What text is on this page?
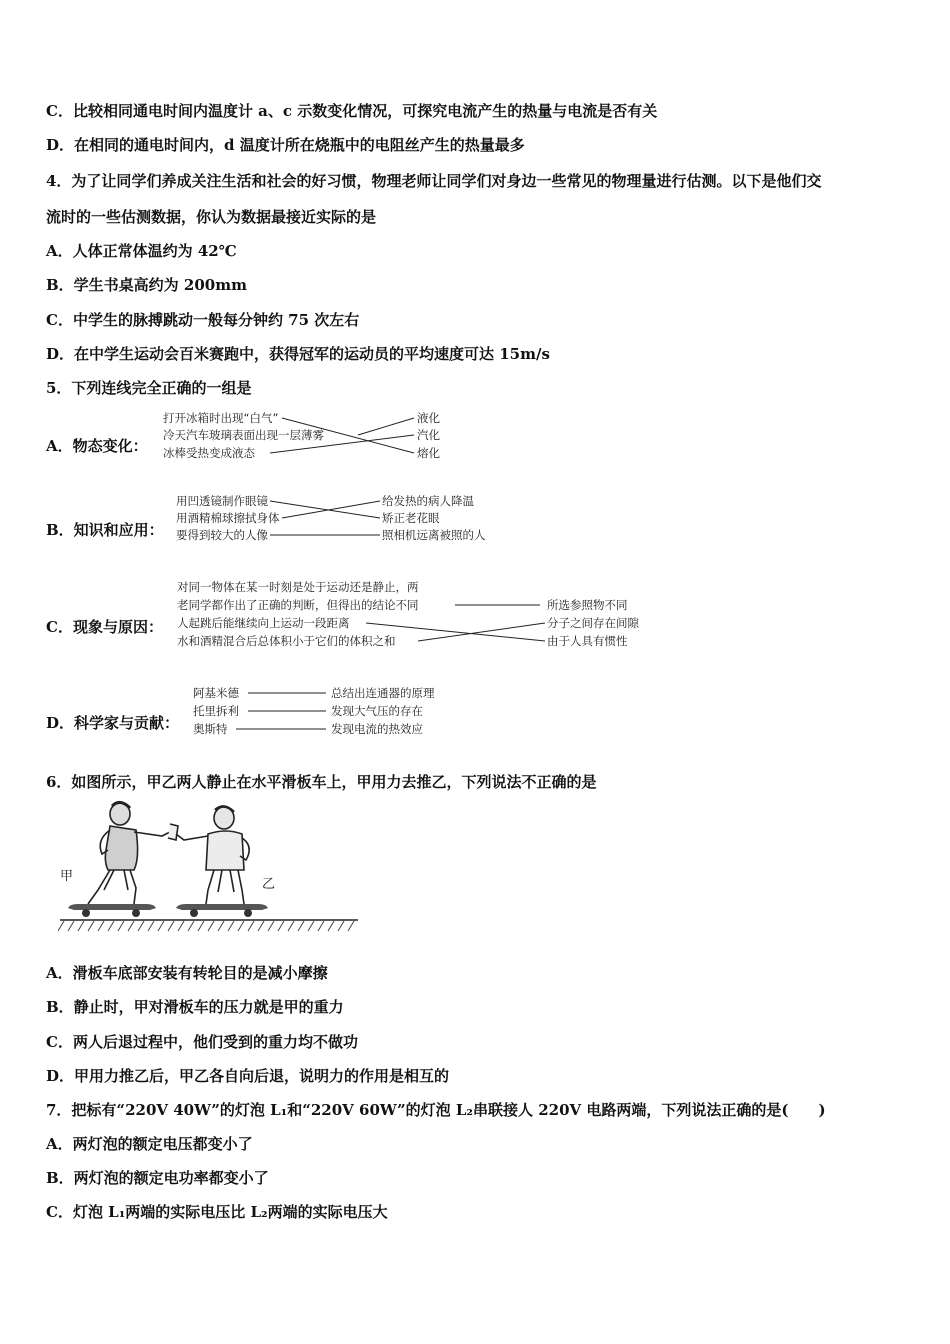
C．比较相同通电时间内温度计 a、c 示数变化情况，可探究电流产生的热量与电流是否有关
D．在相同的通电时间内，d 温度计所在烧瓶中的电阻丝产生的热量最多
4．为了让同学们养成关注生活和社会的好习惯，物理老师让同学们对身边一些常见的物理量进行估测。以下是他们交
流时的一些估测数据，你认为数据最接近实际的是
A．人体正常体温约为 42℃
B．学生书桌高约为 200mm
C．中学生的脉搏跳动一般每分钟约 75 次左右
D．在中学生运动会百米赛跑中，获得冠军的运动员的平均速度可达 15m/s
5．下列连线完全正确的一组是
A．物态变化：
打开冰箱时出现“白气”
冷天汽车玻璃表面出现一层薄雾
冰棒受热变成液态
液化
汽化
熔化
B．知识和应用：
用凹透镜制作眼镜
用酒精棉球擦拭身体
要得到较大的人像
给发热的病人降温
矫正老花眼
照相机远离被照的人
C．现象与原因：
对同一物体在某一时刻是处于运动还是静止，两
老同学都作出了正确的判断，但得出的结论不同
人起跳后能继续向上运动一段距离
水和酒精混合后总体积小于它们的体积之和
所选参照物不同
分子之间存在间隙
由于人具有惯性
D．科学家与贡献：
阿基米德
托里拆利
奥斯特
总结出连通器的原理
发现大气压的存在
发现电流的热效应
6．如图所示，甲乙两人静止在水平滑板车上，甲用力去推乙，下列说法不正确的是
甲
乙
A．滑板车底部安装有转轮目的是减小摩擦
B．静止时，甲对滑板车的压力就是甲的重力
C．两人后退过程中，他们受到的重力均不做功
D．甲用力推乙后，甲乙各自向后退，说明力的作用是相互的
7．把标有“220V 40W”的灯泡 L₁和“220V 60W”的灯泡 L₂串联接人 220V 电路两端，下列说法正确的是(　　)
A．两灯泡的额定电压都变小了
B．两灯泡的额定电功率都变小了
C．灯泡 L₁两端的实际电压比 L₂两端的实际电压大
